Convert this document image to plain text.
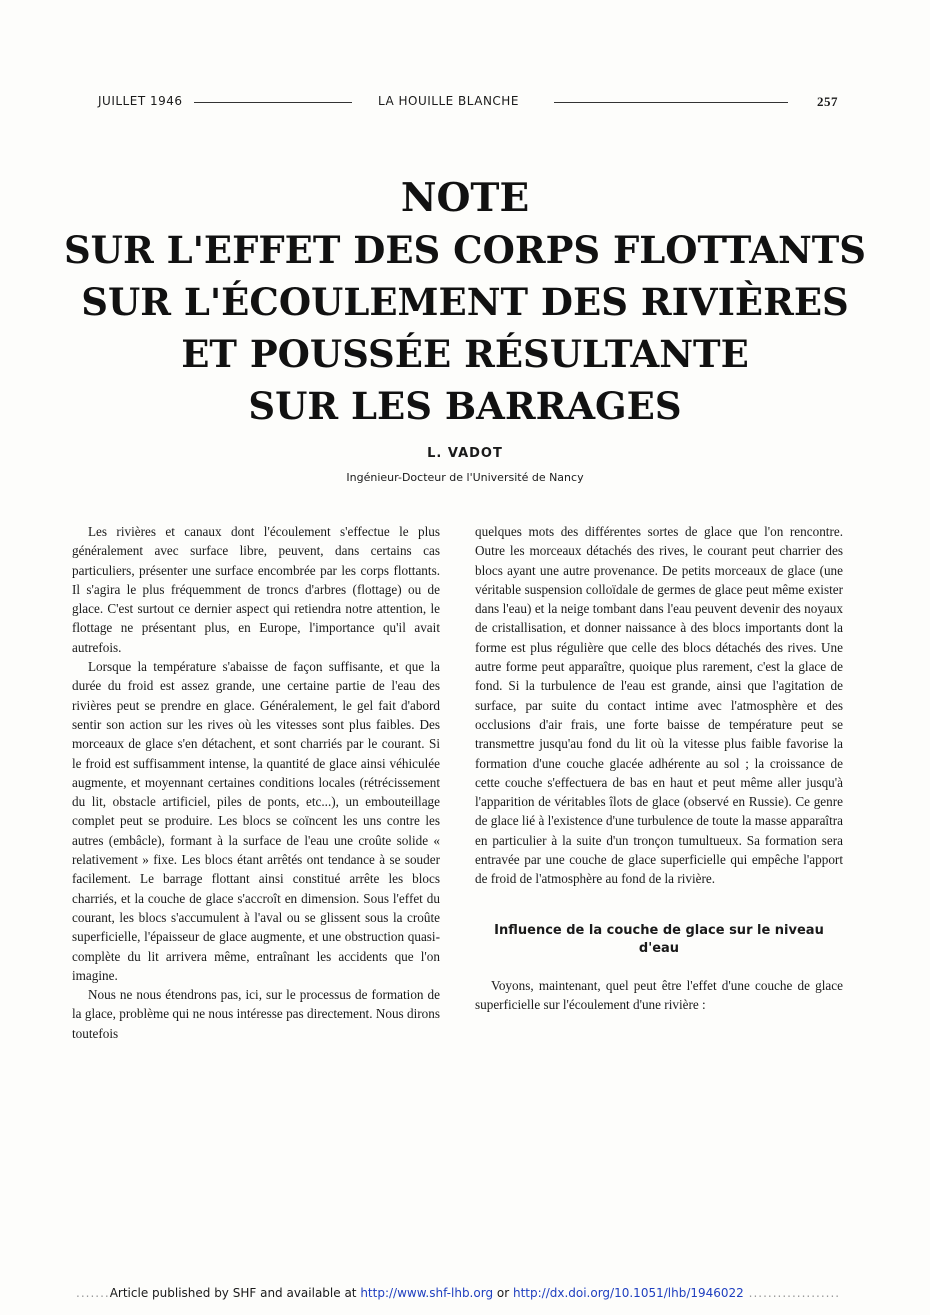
JUILLET 1946	LA HOUILLE BLANCHE	257
NOTE
SUR L'EFFET DES CORPS FLOTTANTS
SUR L'ÉCOULEMENT DES RIVIÈRES
ET POUSSÉE RÉSULTANTE
SUR LES BARRAGES
L. VADOT
Ingénieur-Docteur de l'Université de Nancy

Les rivières et canaux dont l'écoulement s'effectue le plus généralement avec surface libre, peuvent, dans certains cas particuliers, présenter une surface encombrée par les corps flottants. Il s'agira le plus fréquemment de troncs d'arbres (flottage) ou de glace. C'est surtout ce dernier aspect qui retiendra notre attention, le flottage ne présentant plus, en Europe, l'importance qu'il avait autrefois.

Lorsque la température s'abaisse de façon suffisante, et que la durée du froid est assez grande, une certaine partie de l'eau des rivières peut se prendre en glace. Généralement, le gel fait d'abord sentir son action sur les rives où les vitesses sont plus faibles. Des morceaux de glace s'en détachent, et sont charriés par le courant. Si le froid est suffisamment intense, la quantité de glace ainsi véhiculée augmente, et moyennant certaines conditions locales (rétrécissement du lit, obstacle artificiel, piles de ponts, etc...), un embouteillage complet peut se produire. Les blocs se coïncent les uns contre les autres (embâcle), formant à la surface de l'eau une croûte solide « relativement » fixe. Les blocs étant arrêtés ont tendance à se souder facilement. Le barrage flottant ainsi constitué arrête les blocs charriés, et la couche de glace s'accroît en dimension. Sous l'effet du courant, les blocs s'accumulent à l'aval ou se glissent sous la croûte superficielle, l'épaisseur de glace augmente, et une obstruction quasi-complète du lit arrivera même, entraînant les accidents que l'on imagine.

Nous ne nous étendrons pas, ici, sur le processus de formation de la glace, problème qui ne nous intéresse pas directement. Nous dirons toutefois

quelques mots des différentes sortes de glace que l'on rencontre. Outre les morceaux détachés des rives, le courant peut charrier des blocs ayant une autre provenance. De petits morceaux de glace (une véritable suspension colloïdale de germes de glace peut même exister dans l'eau) et la neige tombant dans l'eau peuvent devenir des noyaux de cristallisation, et donner naissance à des blocs importants dont la forme est plus régulière que celle des blocs détachés des rives. Une autre forme peut apparaître, quoique plus rarement, c'est la glace de fond. Si la turbulence de l'eau est grande, ainsi que l'agitation de surface, par suite du contact intime avec l'atmosphère et des occlusions d'air frais, une forte baisse de température peut se transmettre jusqu'au fond du lit où la vitesse plus faible favorise la formation d'une couche glacée adhérente au sol ; la croissance de cette couche s'effectuera de bas en haut et peut même aller jusqu'à l'apparition de véritables îlots de glace (observé en Russie). Ce genre de glace lié à l'existence d'une turbulence de toute la masse apparaîtra en particulier à la suite d'un tronçon tumultueux. Sa formation sera entravée par une couche de glace superficielle qui empêche l'apport de froid de l'atmosphère au fond de la rivière.

Influence de la couche de glace sur le niveau d'eau

Voyons, maintenant, quel peut être l'effet d'une couche de glace superficielle sur l'écoulement d'une rivière :

.......Article published by SHF and available at http://www.shf-lhb.org or http://dx.doi.org/10.1051/lhb/1946022 ...................
